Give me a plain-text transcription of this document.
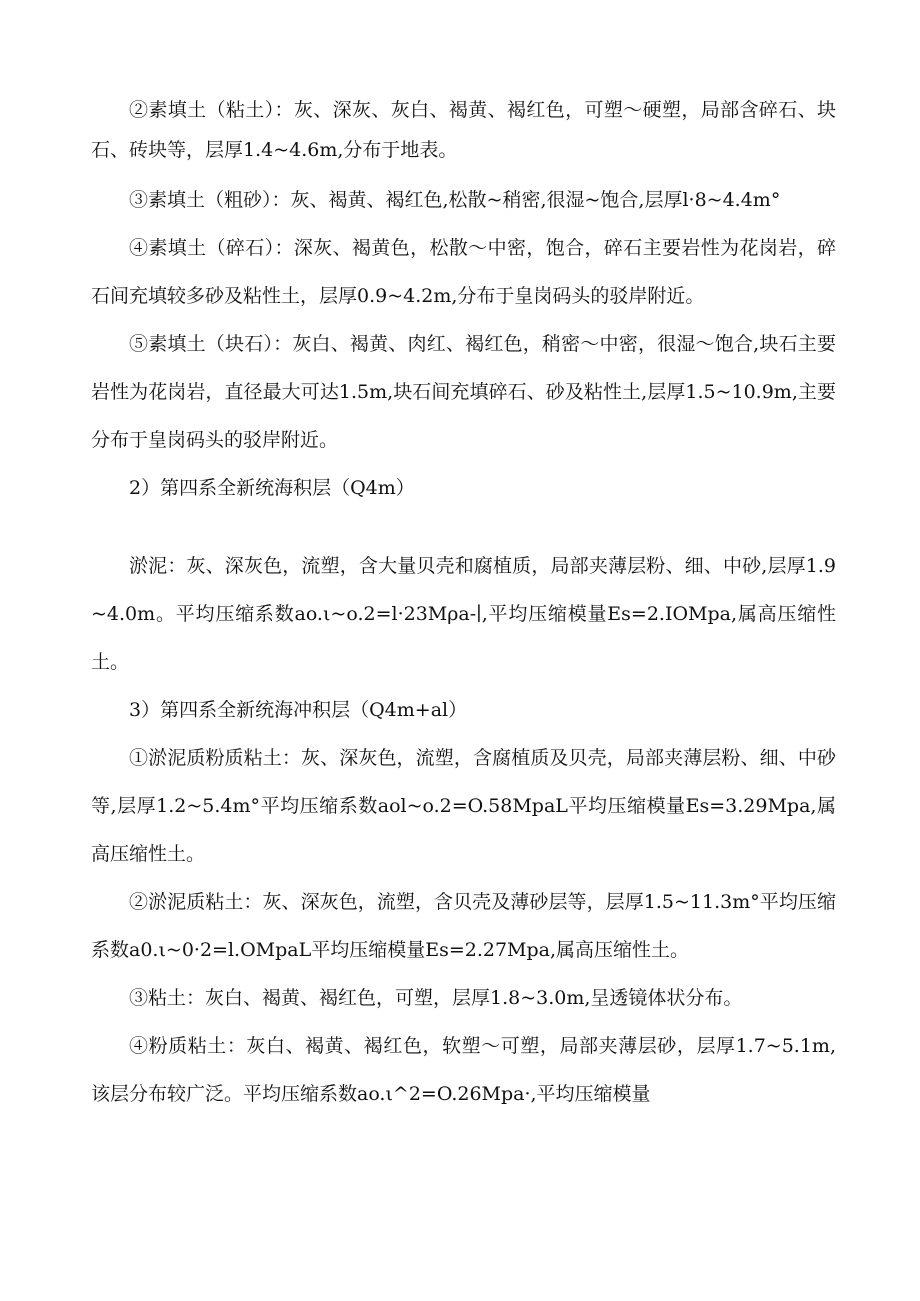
②素填土（粘土）：灰、深灰、灰白、褐黄、褐红色，可塑～硬塑，局部含碎石、块石、砖块等，层厚1.4~4.6m,分布于地表。

③素填土（粗砂）：灰、褐黄、褐红色,松散~稍密,很湿~饱合,层厚l·8~4.4m°

④素填土（碎石）：深灰、褐黄色，松散～中密，饱合，碎石主要岩性为花岗岩，碎石间充填较多砂及粘性土，层厚0.9~4.2m,分布于皇岗码头的驳岸附近。

⑤素填土（块石）：灰白、褐黄、肉红、褐红色，稍密～中密，很湿～饱合,块石主要岩性为花岗岩，直径最大可达1.5m,块石间充填碎石、砂及粘性土,层厚1.5~10.9m,主要分布于皇岗码头的驳岸附近。

2）第四系全新统海积层（Q4m）

淤泥：灰、深灰色，流塑，含大量贝壳和腐植质，局部夹薄层粉、细、中砂,层厚1.9~4.0m。平均压缩系数ao.ι~o.2=l·23Mρa-∣,平均压缩模量Es=2.IOMpa,属高压缩性土。

3）第四系全新统海冲积层（Q4m+al）

①淤泥质粉质粘土：灰、深灰色，流塑，含腐植质及贝壳，局部夹薄层粉、细、中砂等,层厚1.2~5.4m°平均压缩系数aol~o.2=O.58MpaL平均压缩模量Es=3.29Mpa,属高压缩性土。

②淤泥质粘土：灰、深灰色，流塑，含贝壳及薄砂层等，层厚1.5~11.3m°平均压缩系数a0.ι~0·2=l.OMpaL平均压缩模量Es=2.27Mpa,属高压缩性土。

③粘土：灰白、褐黄、褐红色，可塑，层厚1.8~3.0m,呈透镜体状分布。

④粉质粘土：灰白、褐黄、褐红色，软塑～可塑，局部夹薄层砂，层厚1.7~5.1m,该层分布较广泛。平均压缩系数ao.ι^2=O.26Mpa·,平均压缩模量
